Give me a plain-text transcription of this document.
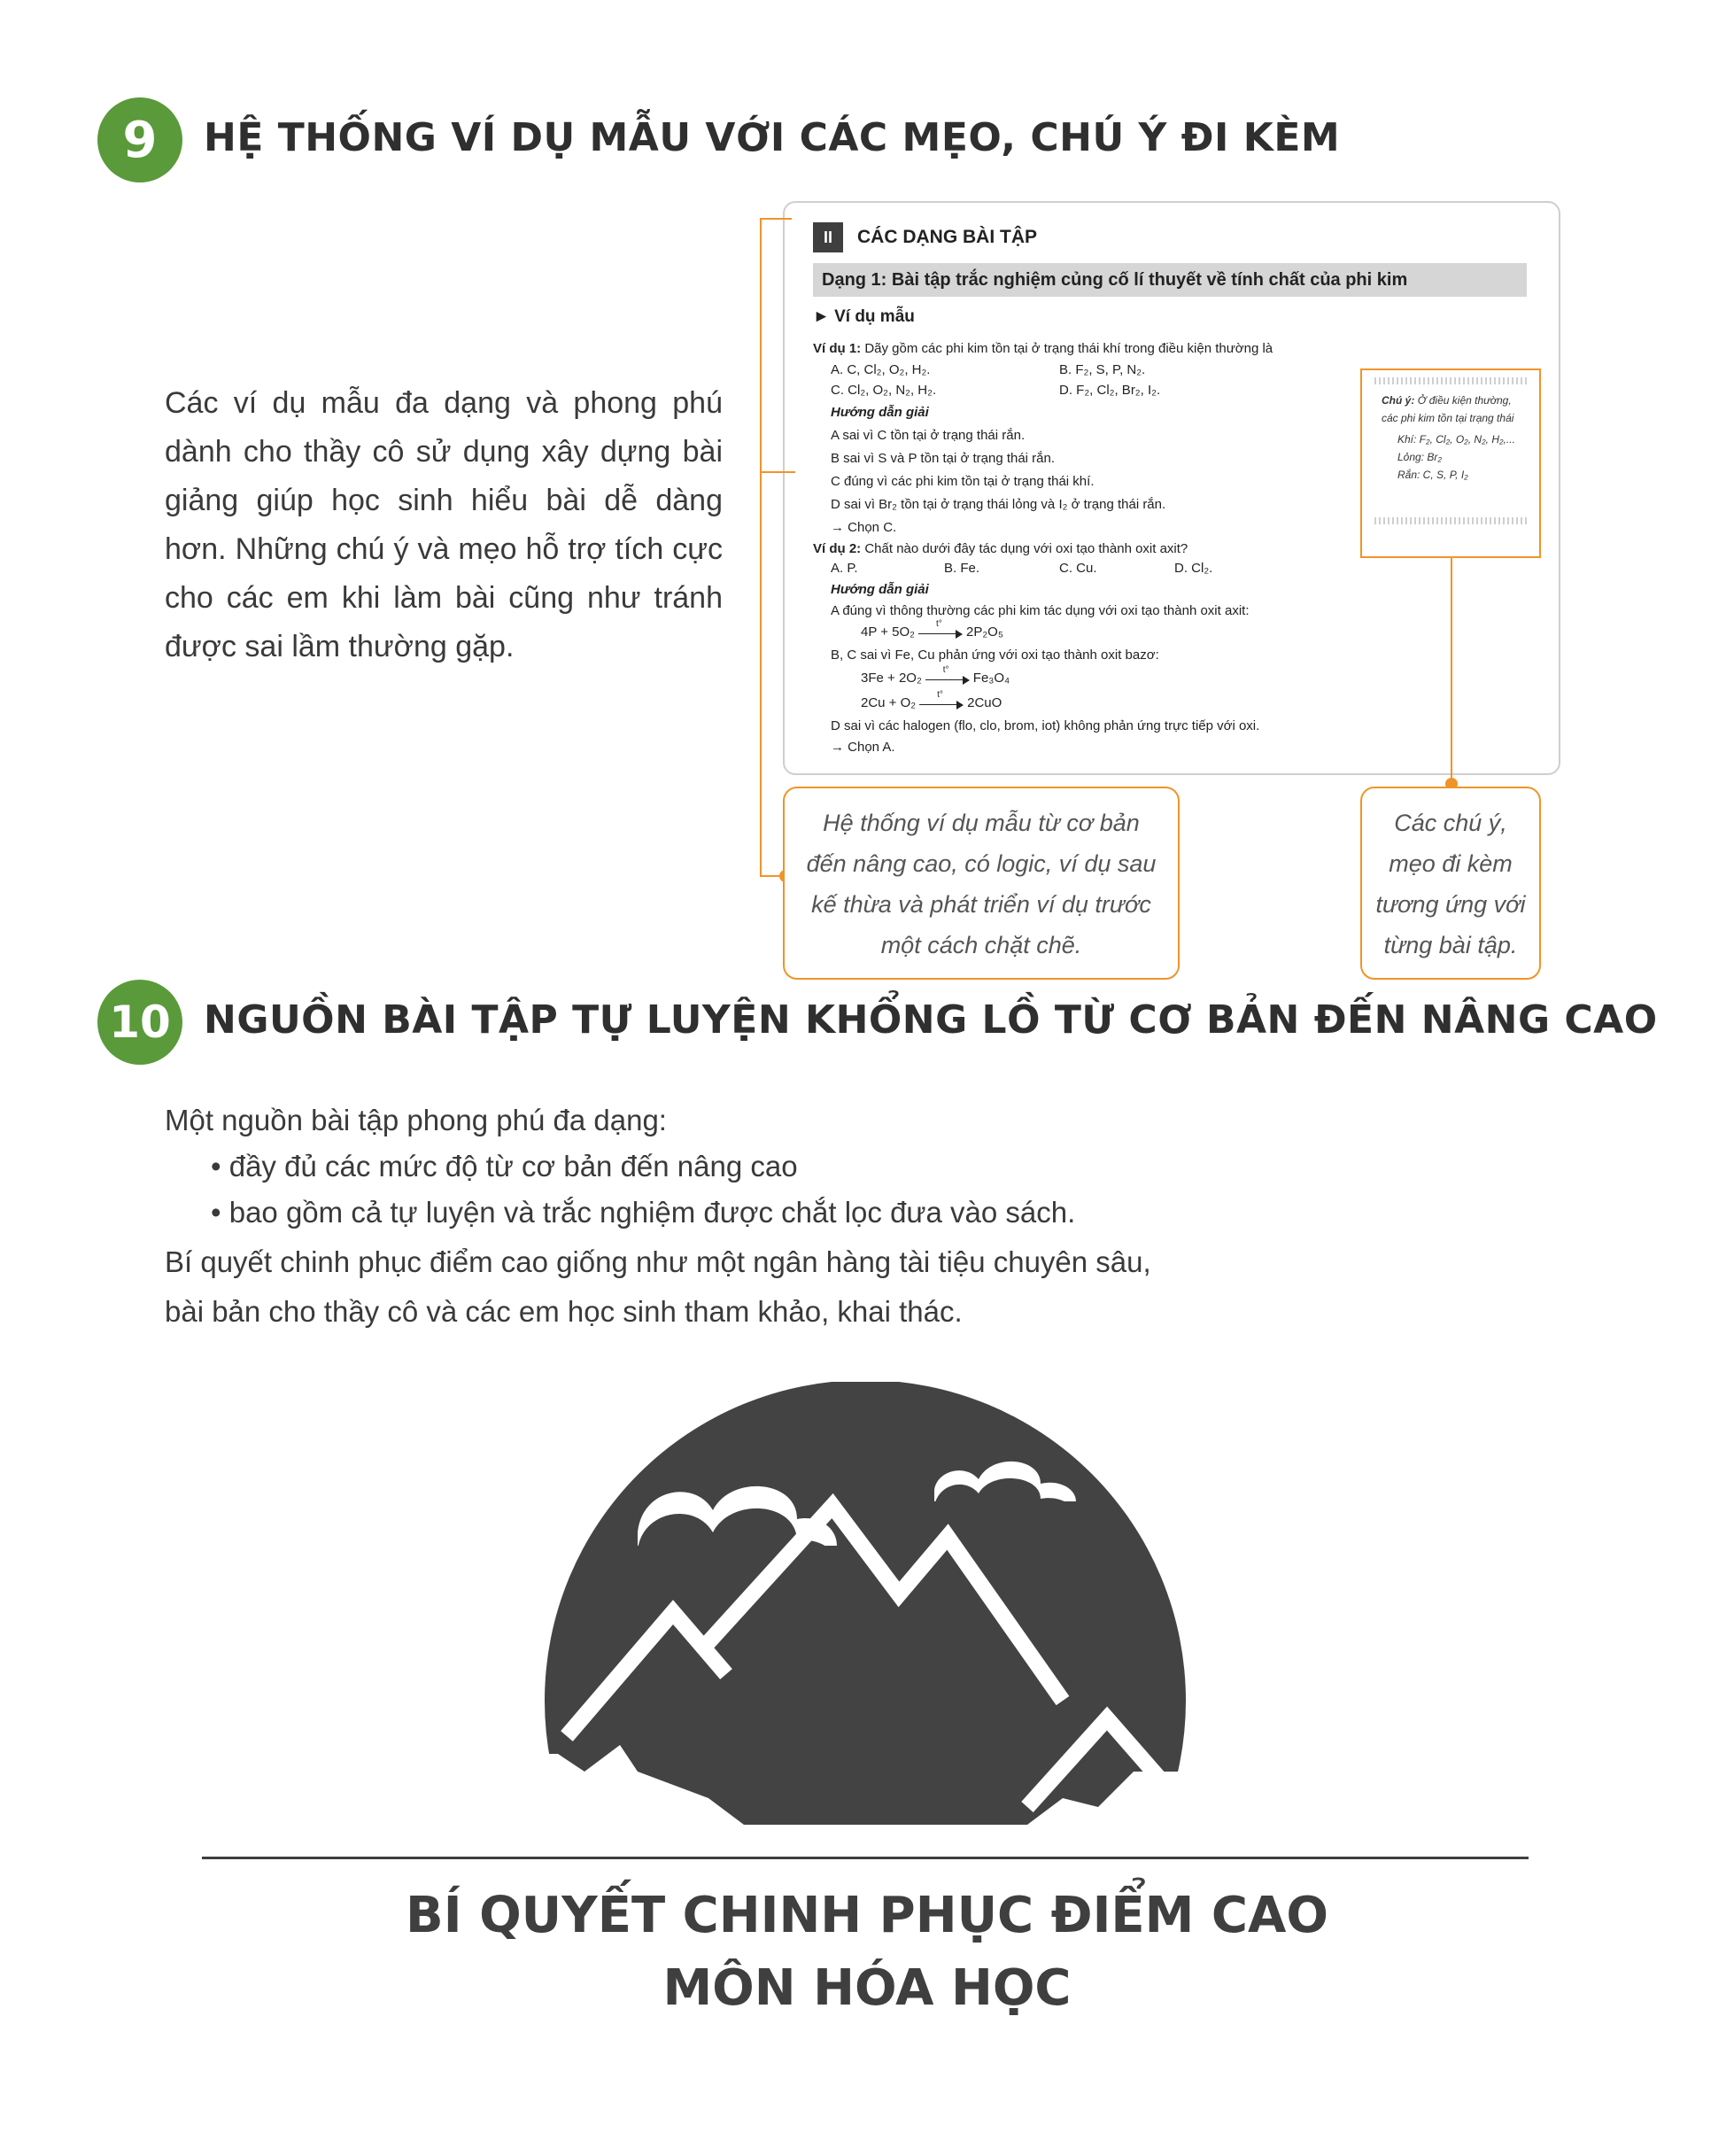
9 HỆ THỐNG VÍ DỤ MẪU VỚI CÁC MẸO, CHÚ Ý ĐI KÈM
Các ví dụ mẫu đa dạng và phong phú dành cho thầy cô sử dụng xây dựng bài giảng giúp học sinh hiểu bài dễ dàng hơn. Những chú ý và mẹo hỗ trợ tích cực cho các em khi làm bài cũng như tránh được sai lầm thường gặp.
II	CÁC DẠNG BÀI TẬP
Dạng 1: Bài tập trắc nghiệm củng cố lí thuyết về tính chất của phi kim
► Ví dụ mẫu
Ví dụ 1: Dãy gồm các phi kim tồn tại ở trạng thái khí trong điều kiện thường là
A. C, Cl₂, O₂, H₂.	B. F₂, S, P, N₂.
C. Cl₂, O₂, N₂, H₂.	D. F₂, Cl₂, Br₂, I₂.
Hướng dẫn giải
A sai vì C tồn tại ở trạng thái rắn.
B sai vì S và P tồn tại ở trạng thái rắn.
C đúng vì các phi kim tồn tại ở trạng thái khí.
D sai vì Br₂ tồn tại ở trạng thái lỏng và I₂ ở trạng thái rắn.
→ Chọn C.
Ví dụ 2: Chất nào dưới đây tác dụng với oxi tạo thành oxit axit?
A. P.	B. Fe.	C. Cu.	D. Cl₂.
Hướng dẫn giải
A đúng vì thông thường các phi kim tác dụng với oxi tạo thành oxit axit:
4P + 5O₂
t°
2P₂O₅
B, C sai vì Fe, Cu phản ứng với oxi tạo thành oxit bazơ:
3Fe + 2O₂
t°
Fe₃O₄
2Cu + O₂
t°
2CuO
D sai vì các halogen (flo, clo, brom, iot) không phản ứng trực tiếp với oxi.
→ Chọn A.
Chú ý: Ở điều kiện thường, các phi kim tồn tại trạng thái
Khí: F₂, Cl₂, O₂, N₂, H₂,...
Lỏng: Br₂
Rắn: C, S, P, I₂
Hệ thống ví dụ mẫu từ cơ bản đến nâng cao, có logic, ví dụ sau kế thừa và phát triển ví dụ trước một cách chặt chẽ.
Các chú ý, mẹo đi kèm tương ứng với từng bài tập.
10 NGUỒN BÀI TẬP TỰ LUYỆN KHỔNG LỒ TỪ CƠ BẢN ĐẾN NÂNG CAO
Một nguồn bài tập phong phú đa dạng:
• đầy đủ các mức độ từ cơ bản đến nâng cao
• bao gồm cả tự luyện và trắc nghiệm được chắt lọc đưa vào sách.
Bí quyết chinh phục điểm cao giống như một ngân hàng tài tiệu chuyên sâu,
bài bản cho thầy cô và các em học sinh tham khảo, khai thác.
BÍ QUYẾT CHINH PHỤC ĐIỂM CAO
MÔN HÓA HỌC
